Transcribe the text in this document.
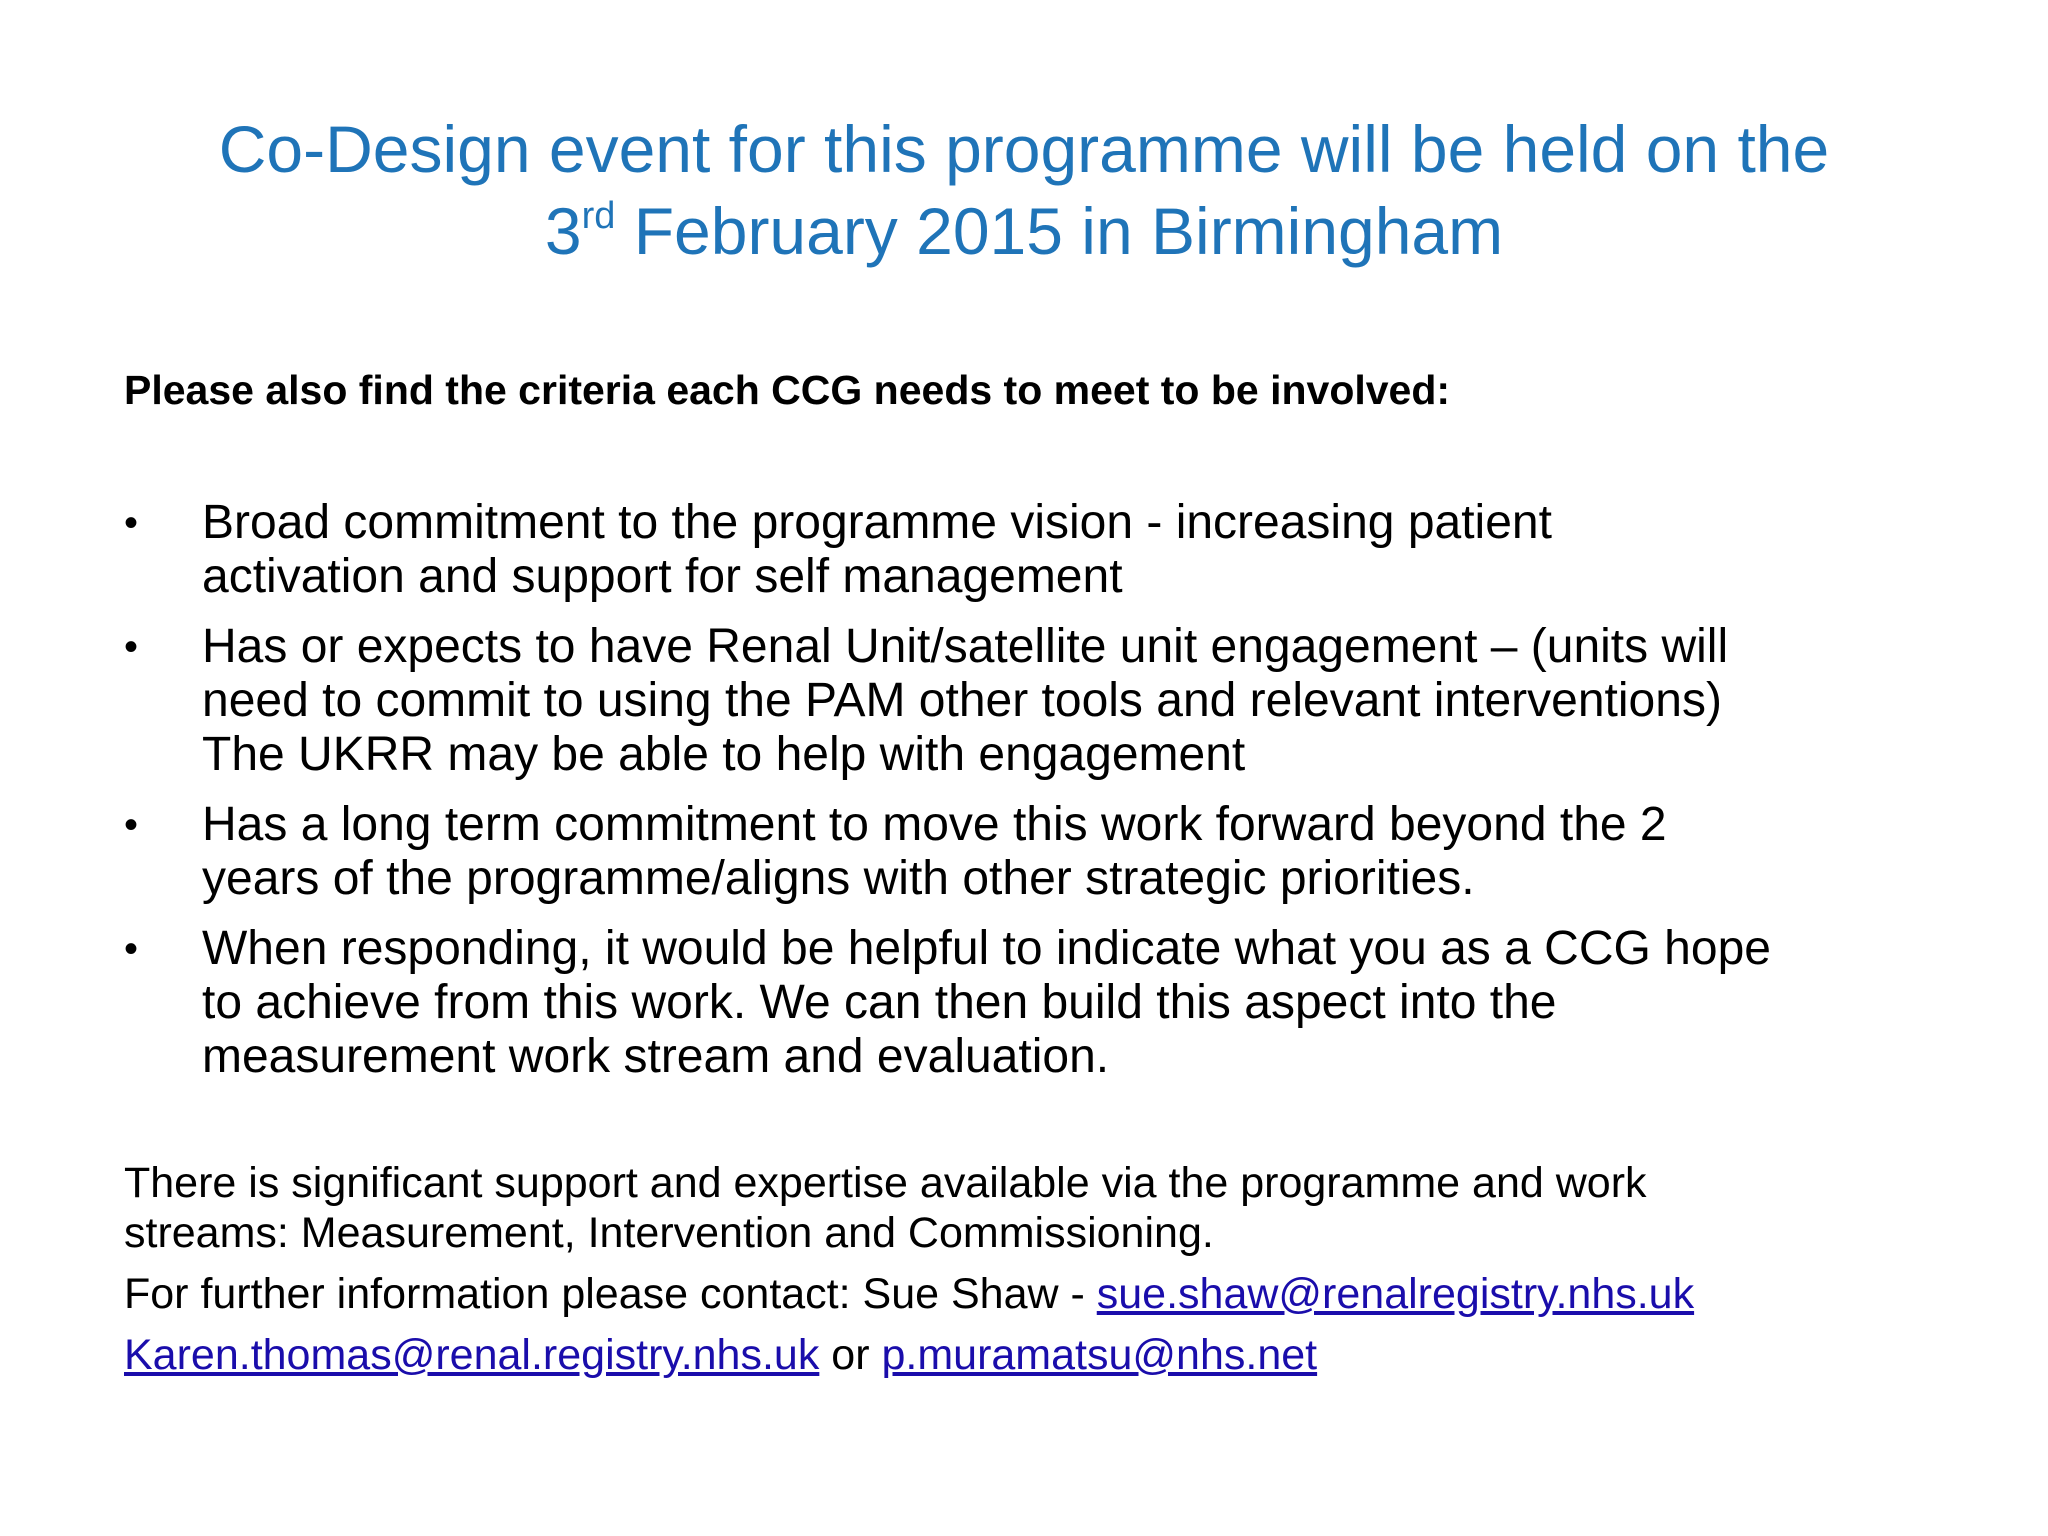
Co-Design event for this programme will be held on the
3rd February 2015 in Birmingham
Please also find the criteria each CCG needs to meet to be involved:
•	Broad commitment to the programme vision - increasing patient
activation and support for self management
•	Has or expects to have Renal Unit/satellite unit engagement – (units will
need to commit to using the PAM other tools and relevant interventions)
The UKRR may be able to help with engagement
•	Has a long term commitment to move this work forward beyond the 2
years of the programme/aligns with other strategic priorities.
•	When responding, it would be helpful to indicate what you as a CCG hope
to achieve from this work. We can then build this aspect into the
measurement work stream and evaluation.
There is significant support and expertise available via the programme and work
streams: Measurement, Intervention and Commissioning.
For further information please contact: Sue Shaw - sue.shaw@renalregistry.nhs.uk
Karen.thomas@renal.registry.nhs.uk or p.muramatsu@nhs.net
